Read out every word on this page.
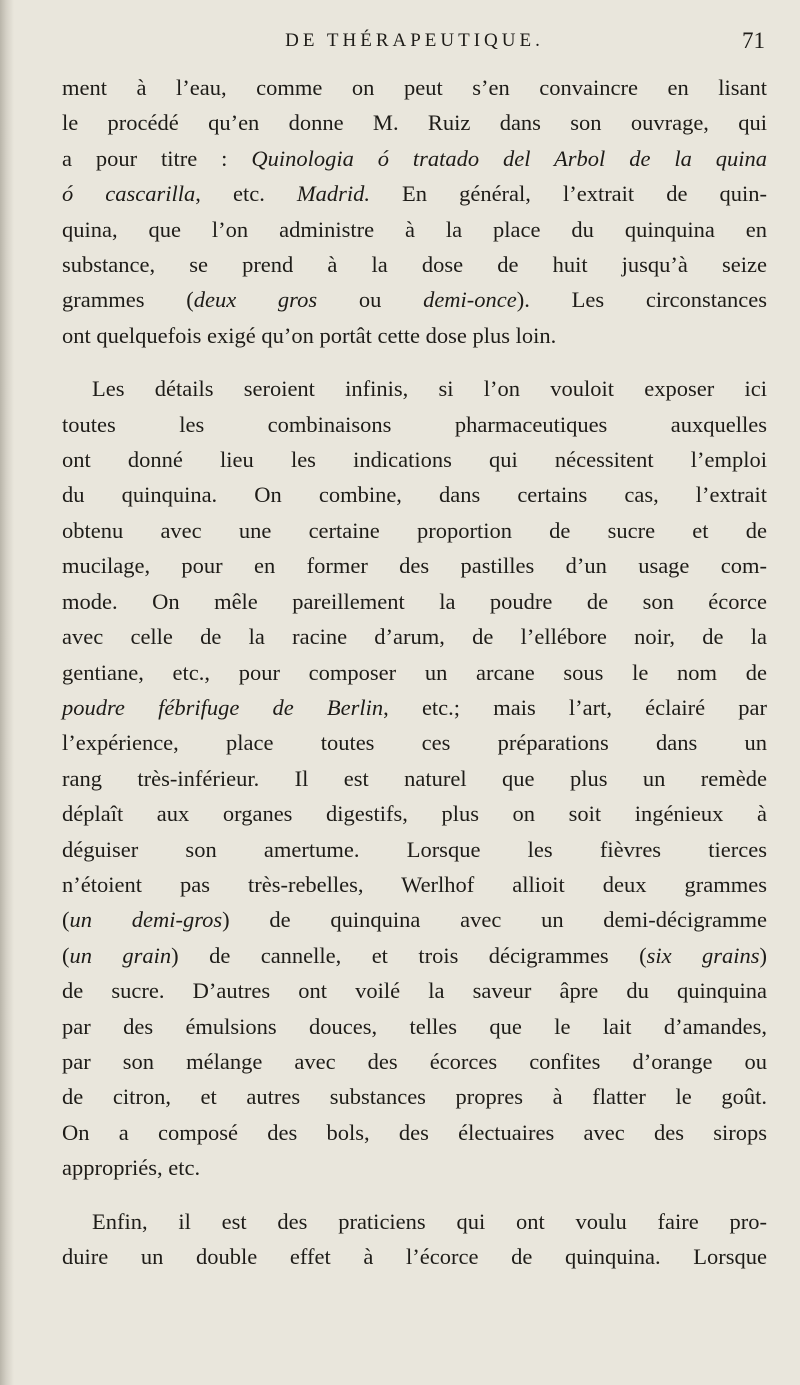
DE THÉRAPEUTIQUE.	71
ment à l’eau, comme on peut s’en convaincre en lisant
le procédé qu’en donne M. Ruiz dans son ouvrage, qui
a pour titre : Quinologia ó tratado del Arbol de la quina
ó cascarilla, etc. Madrid. En général, l’extrait de quin-
quina, que l’on administre à la place du quinquina en
substance, se prend à la dose de huit jusqu’à seize
grammes (deux gros ou demi-once). Les circonstances
ont quelquefois exigé qu’on portât cette dose plus loin.
Les détails seroient infinis, si l’on vouloit exposer ici
toutes les combinaisons pharmaceutiques auxquelles
ont donné lieu les indications qui nécessitent l’emploi
du quinquina. On combine, dans certains cas, l’extrait
obtenu avec une certaine proportion de sucre et de
mucilage, pour en former des pastilles d’un usage com-
mode. On mêle pareillement la poudre de son écorce
avec celle de la racine d’arum, de l’ellébore noir, de la
gentiane, etc., pour composer un arcane sous le nom de
poudre fébrifuge de Berlin, etc.; mais l’art, éclairé par
l’expérience, place toutes ces préparations dans un
rang très-inférieur. Il est naturel que plus un remède
déplaît aux organes digestifs, plus on soit ingénieux à
déguiser son amertume. Lorsque les fièvres tierces
n’étoient pas très-rebelles, Werlhof allioit deux grammes
(un demi-gros) de quinquina avec un demi-décigramme
(un grain) de cannelle, et trois décigrammes (six grains)
de sucre. D’autres ont voilé la saveur âpre du quinquina
par des émulsions douces, telles que le lait d’amandes,
par son mélange avec des écorces confites d’orange ou
de citron, et autres substances propres à flatter le goût.
On a composé des bols, des électuaires avec des sirops
appropriés, etc.
Enfin, il est des praticiens qui ont voulu faire pro-
duire un double effet à l’écorce de quinquina. Lorsque
